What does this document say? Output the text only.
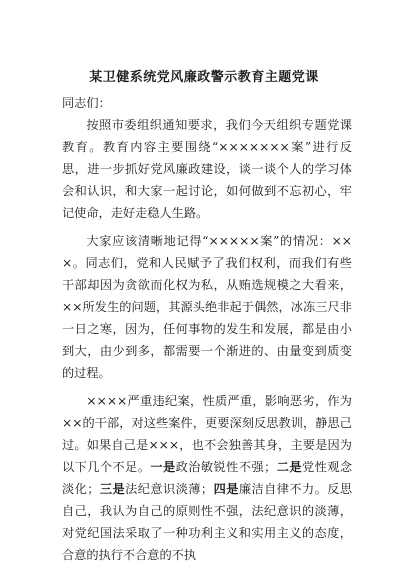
某卫健系统党风廉政警示教育主题党课

同志们：

按照市委组织通知要求，我们今天组织专题党课教育。教育内容主要围绕“×××××××案”进行反思，进一步抓好党风廉政建设，谈一谈个人的学习体会和认识，和大家一起讨论，如何做到不忘初心，牢记使命，走好走稳人生路。

大家应该清晰地记得“×××××案”的情况：×××。同志们，党和人民赋予了我们权利，而我们有些干部却因为贪欲而化权为私，从贿选规模之大看来，××所发生的问题，其源头绝非起于偶然，冰冻三尺非一日之寒，因为，任何事物的发生和发展，都是由小到大，由少到多，都需要一个渐进的、由量变到质变的过程。

××××严重违纪案，性质严重，影响恶劣，作为××的干部，对这些案件，更要深刻反思教训，静思己过。如果自己是×××，也不会独善其身，主要是因为以下几个不足。一是政治敏锐性不强；二是党性观念淡化；三是法纪意识淡薄；四是廉洁自律不力。反思自己，我认为自己的原则性不强，法纪意识的淡薄，对党纪国法采取了一种功利主义和实用主义的态度，合意的执行不合意的不执
